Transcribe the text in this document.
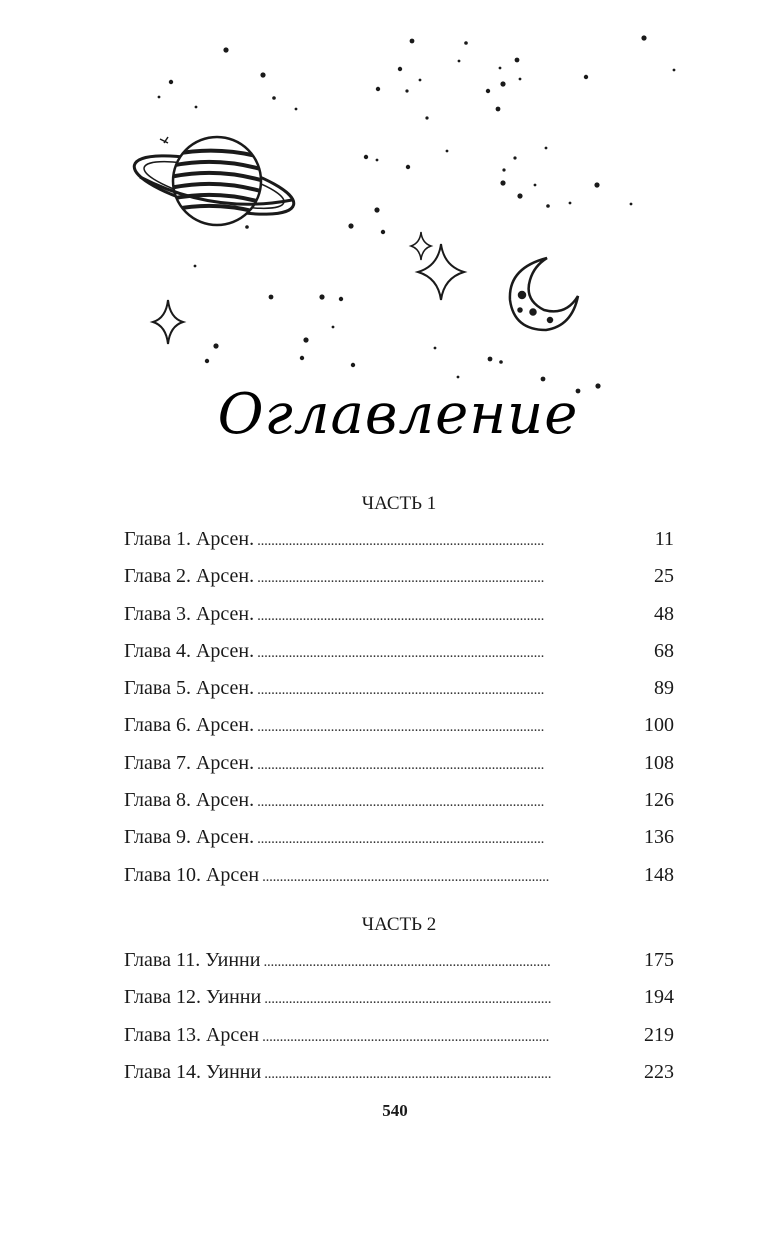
Оглавление
ЧАСТЬ 1
Глава 1. Арсен. . . .	11
Глава 2. Арсен. . . .	25
Глава 3. Арсен. . . .	48
Глава 4. Арсен. . . .	68
Глава 5. Арсен. . . .	89
Глава 6. Арсен. . . .	100
Глава 7. Арсен. . . .	108
Глава 8. Арсен. . . .	126
Глава 9. Арсен. . . .	136
Глава 10. Арсен . . .	148
ЧАСТЬ 2
Глава 11. Уинни . . .	175
Глава 12. Уинни . . .	194
Глава 13. Арсен . . .	219
Глава 14. Уинни . . .	223
540
